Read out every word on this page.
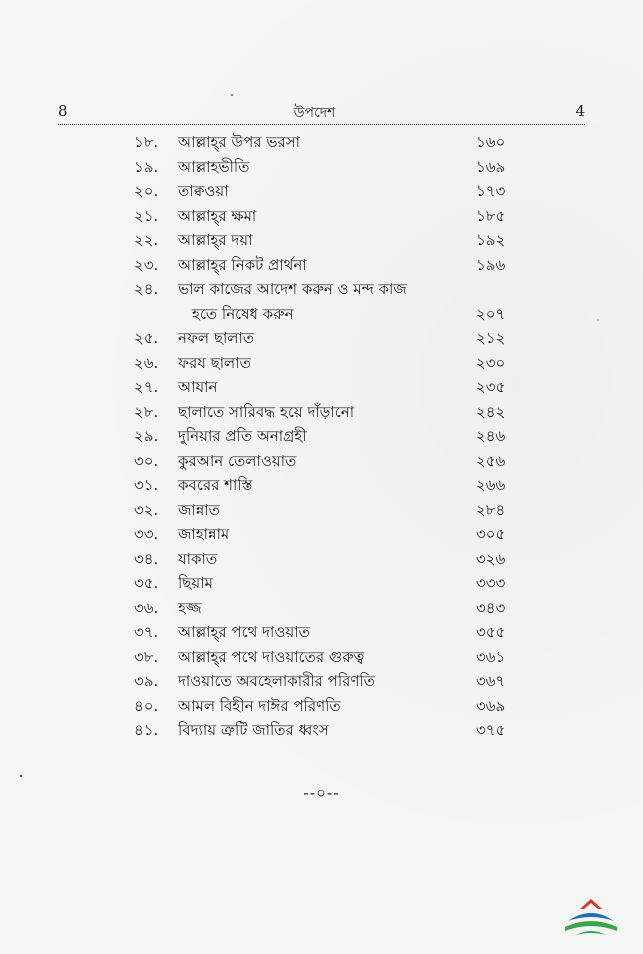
8	উপদেশ	4
১৮.	আল্লাহ্‌র উপর ভরসা	১৬০
১৯.	আল্লাহভীতি	১৬৯
২০.	তাক্বওয়া	১৭৩
২১.	আল্লাহ্‌র ক্ষমা	১৮৫
২২.	আল্লাহ্‌র দয়া	১৯২
২৩.	আল্লাহ্‌র নিকট প্রার্থনা	১৯৬
২৪.	ভাল কাজের আদেশ করুন ও মন্দ কাজ
হতে নিষেধ করুন	২০৭
২৫.	নফল ছালাত	২১২
২৬.	ফরয ছালাত	২৩০
২৭.	আযান	২৩৫
২৮.	ছালাতে সারিবদ্ধ হয়ে দাঁড়ানো	২৪২
২৯.	দুনিয়ার প্রতি অনাগ্রহী	২৪৬
৩০.	কুরআন তেলাওয়াত	২৫৬
৩১.	কবরের শাস্তি	২৬৬
৩২.	জান্নাত	২৮৪
৩৩.	জাহান্নাম	৩০৫
৩৪.	যাকাত	৩২৬
৩৫.	ছিয়াম	৩৩৩
৩৬.	হজ্জ	৩৪৩
৩৭.	আল্লাহ্‌র পথে দাওয়াত	৩৫৫
৩৮.	আল্লাহ্‌র পথে দাওয়াতের গুরুত্ব	৩৬১
৩৯.	দাওয়াতে অবহেলাকারীর পরিণতি	৩৬৭
৪০.	আমল বিহীন দাঈর পরিণতি	৩৬৯
৪১.	বিদ্যায় ত্রুটি জাতির ধ্বংস	৩৭৫
--০--
